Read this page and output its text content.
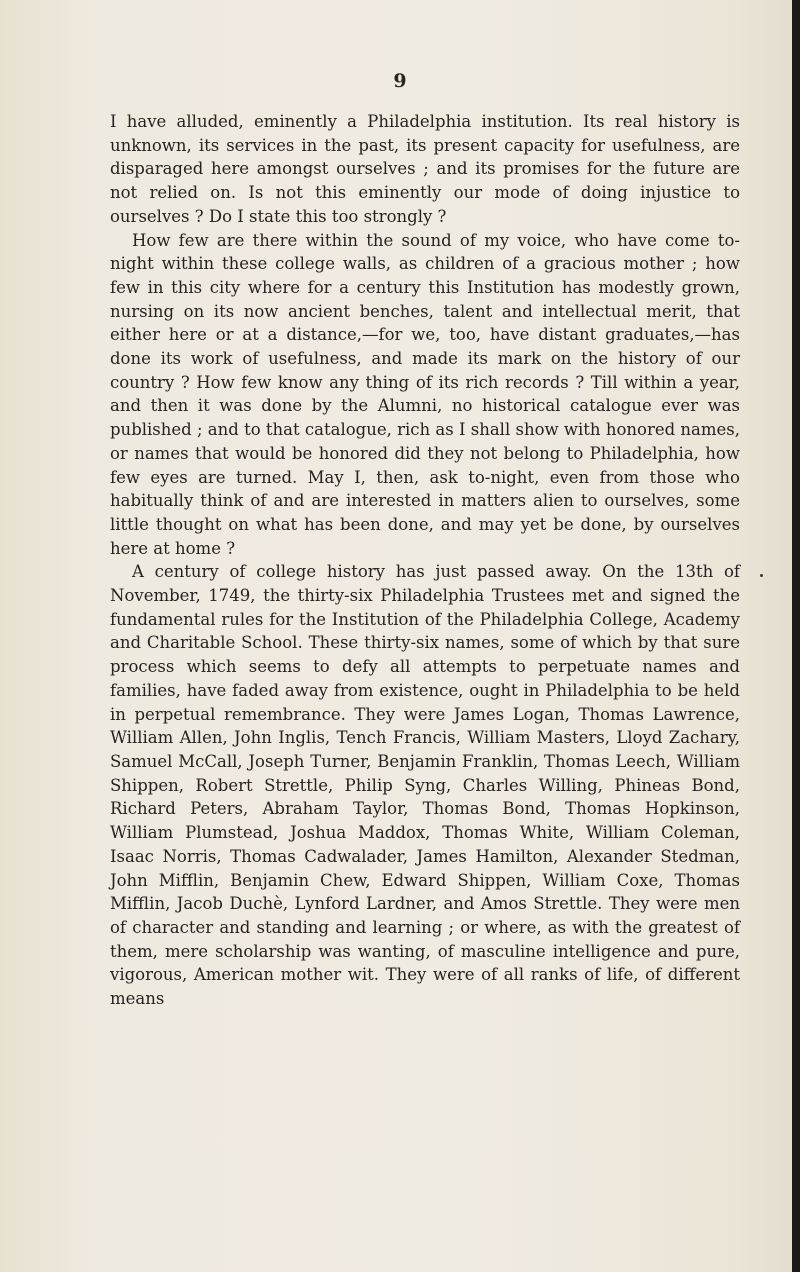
9

I have alluded, eminently a Philadelphia institution. Its real history is unknown, its services in the past, its present capacity for usefulness, are disparaged here amongst ourselves ; and its promises for the future are not relied on. Is not this eminently our mode of doing injustice to ourselves ? Do I state this too strongly ?

How few are there within the sound of my voice, who have come to-night within these college walls, as children of a gracious mother ; how few in this city where for a century this Institution has modestly grown, nursing on its now ancient benches, talent and intellectual merit, that either here or at a distance,—for we, too, have distant graduates,—has done its work of usefulness, and made its mark on the history of our country ? How few know any thing of its rich records ? Till within a year, and then it was done by the Alumni, no historical catalogue ever was published ; and to that catalogue, rich as I shall show with honored names, or names that would be honored did they not belong to Philadelphia, how few eyes are turned. May I, then, ask to-night, even from those who habitually think of and are interested in matters alien to ourselves, some little thought on what has been done, and may yet be done, by ourselves here at home ?

A century of college history has just passed away. On the 13th of November, 1749, the thirty-six Philadelphia Trustees met and signed the fundamental rules for the Institution of the Philadelphia College, Academy and Charitable School. These thirty-six names, some of which by that sure process which seems to defy all attempts to perpetuate names and families, have faded away from existence, ought in Philadelphia to be held in perpetual remembrance. They were James Logan, Thomas Lawrence, William Allen, John Inglis, Tench Francis, William Masters, Lloyd Zachary, Samuel McCall, Joseph Turner, Benjamin Franklin, Thomas Leech, William Shippen, Robert Strettle, Philip Syng, Charles Willing, Phineas Bond, Richard Peters, Abraham Taylor, Thomas Bond, Thomas Hopkinson, William Plumstead, Joshua Maddox, Thomas White, William Coleman, Isaac Norris, Thomas Cadwalader, James Hamilton, Alexander Stedman, John Mifflin, Benjamin Chew, Edward Shippen, William Coxe, Thomas Mifflin, Jacob Duchè, Lynford Lardner, and Amos Strettle. They were men of character and standing and learning ; or where, as with the greatest of them, mere scholarship was wanting, of masculine intelligence and pure, vigorous, American mother wit. They were of all ranks of life, of different means
